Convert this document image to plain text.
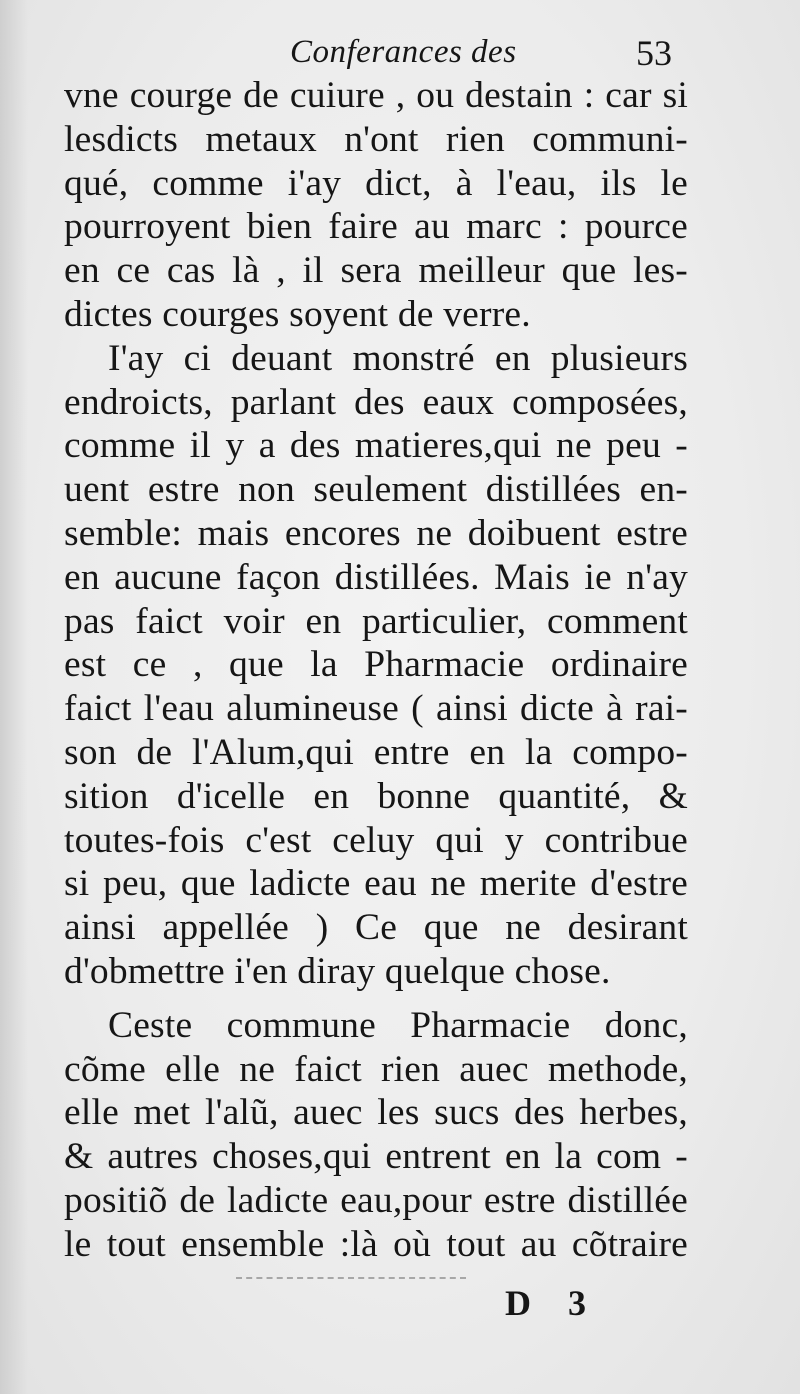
Conferances des	53
vne courge de cuiure , ou destain : car si
lesdicts metaux n'ont rien communi-
qué, comme i'ay dict, à l'eau, ils le
pourroyent bien faire au marc : pource
en ce cas là , il sera meilleur que les-
dictes courges soyent de verre.
I'ay ci deuant monstré en plusieurs
endroicts, parlant des eaux composées,
comme il y a des matieres,qui ne peu -
uent estre non seulement distillées en-
semble: mais encores ne doibuent estre
en aucune façon distillées. Mais ie n'ay
pas faict voir en particulier, comment
est ce , que la Pharmacie ordinaire
faict l'eau alumineuse ( ainsi dicte à rai-
son de l'Alum,qui entre en la compo-
sition d'icelle en bonne quantité, &
toutes-fois c'est celuy qui y contribue
si peu, que ladicte eau ne merite d'estre
ainsi appellée ) Ce que ne desirant
d'obmettre i'en diray quelque chose.
Ceste commune Pharmacie donc,
cõme elle ne faict rien auec methode,
elle met l'alũ, auec les sucs des herbes,
& autres choses,qui entrent en la com -
positiõ de ladicte eau,pour estre distillée
le tout ensemble :là où tout au cõtraire
D 3
